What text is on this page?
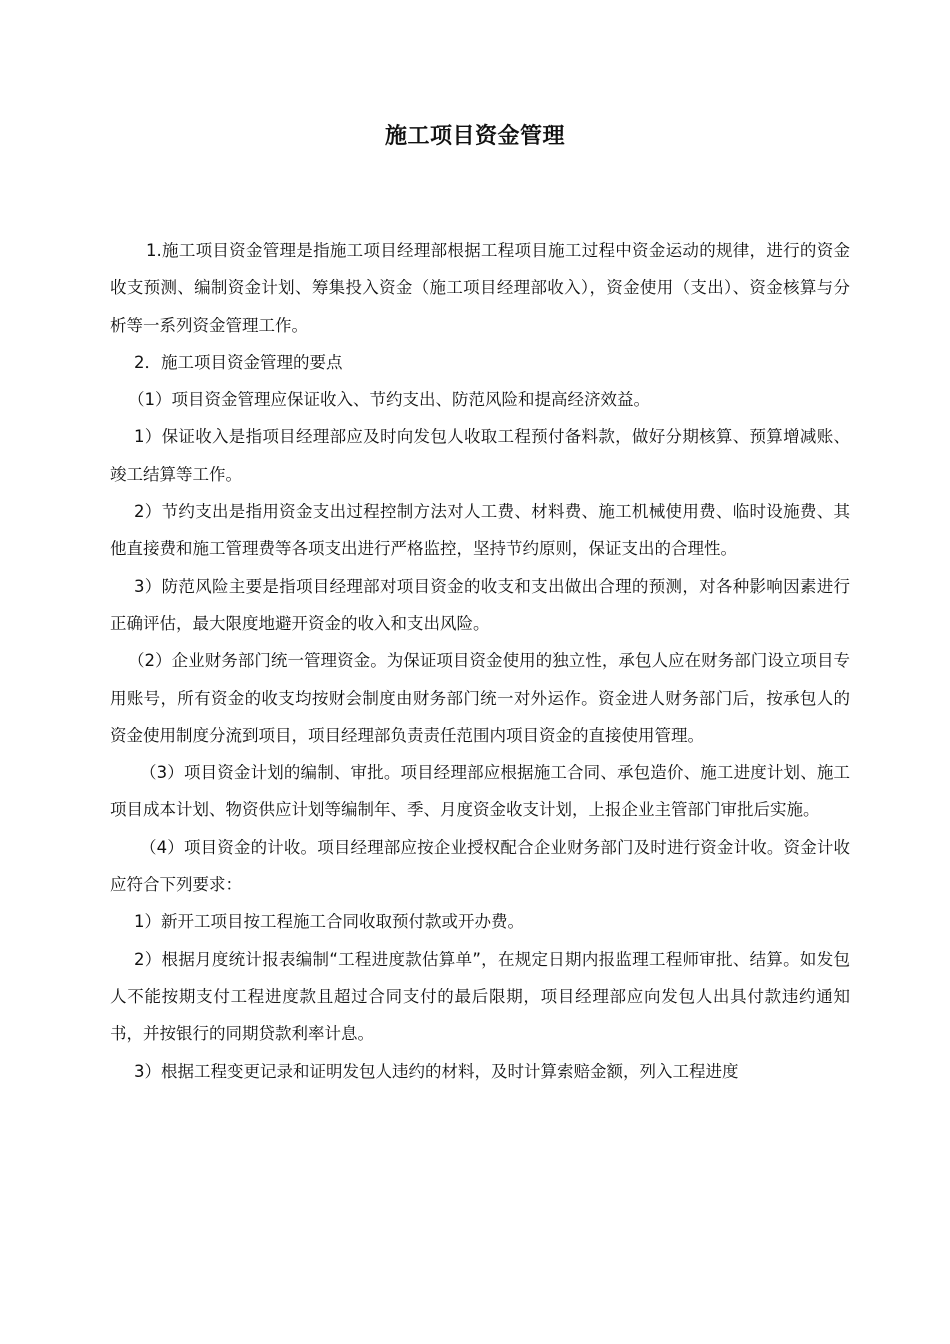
施工项目资金管理

1.施工项目资金管理是指施工项目经理部根据工程项目施工过程中资金运动的规律，进行的资金收支预测、编制资金计划、筹集投入资金（施工项目经理部收入），资金使用（支出）、资金核算与分析等一系列资金管理工作。

2．施工项目资金管理的要点

（1）项目资金管理应保证收入、节约支出、防范风险和提高经济效益。

1）保证收入是指项目经理部应及时向发包人收取工程预付备料款，做好分期核算、预算增减账、竣工结算等工作。

2）节约支出是指用资金支出过程控制方法对人工费、材料费、施工机械使用费、临时设施费、其他直接费和施工管理费等各项支出进行严格监控，坚持节约原则，保证支出的合理性。

3）防范风险主要是指项目经理部对项目资金的收支和支出做出合理的预测，对各种影响因素进行正确评估，最大限度地避开资金的收入和支出风险。

（2）企业财务部门统一管理资金。为保证项目资金使用的独立性，承包人应在财务部门设立项目专用账号，所有资金的收支均按财会制度由财务部门统一对外运作。资金进人财务部门后，按承包人的资金使用制度分流到项目，项目经理部负责责任范围内项目资金的直接使用管理。

（3）项目资金计划的编制、审批。项目经理部应根据施工合同、承包造价、施工进度计划、施工项目成本计划、物资供应计划等编制年、季、月度资金收支计划，上报企业主管部门审批后实施。

（4）项目资金的计收。项目经理部应按企业授权配合企业财务部门及时进行资金计收。资金计收应符合下列要求：

1）新开工项目按工程施工合同收取预付款或开办费。

2）根据月度统计报表编制“工程进度款估算单”，在规定日期内报监理工程师审批、结算。如发包人不能按期支付工程进度款且超过合同支付的最后限期，项目经理部应向发包人出具付款违约通知书，并按银行的同期贷款利率计息。

3）根据工程变更记录和证明发包人违约的材料，及时计算索赔金额，列入工程进度
